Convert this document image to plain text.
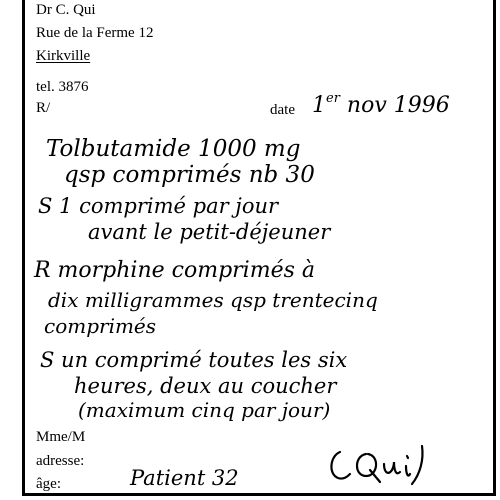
Dr C. Qui
Rue de la Ferme 12
Kirkville
tel. 3876
R/	date 1er nov 1996
Tolbutamide 1000 mg
qsp comprimés nb 30
S 1 comprimé par jour
avant le petit-déjeuner
R morphine comprimés à
dix milligrammes qsp trentecinq
comprimés
S un comprimé toutes les six
heures, deux au coucher
(maximum cinq par jour)
Mme/M
adresse:
âge:	Patient 32
